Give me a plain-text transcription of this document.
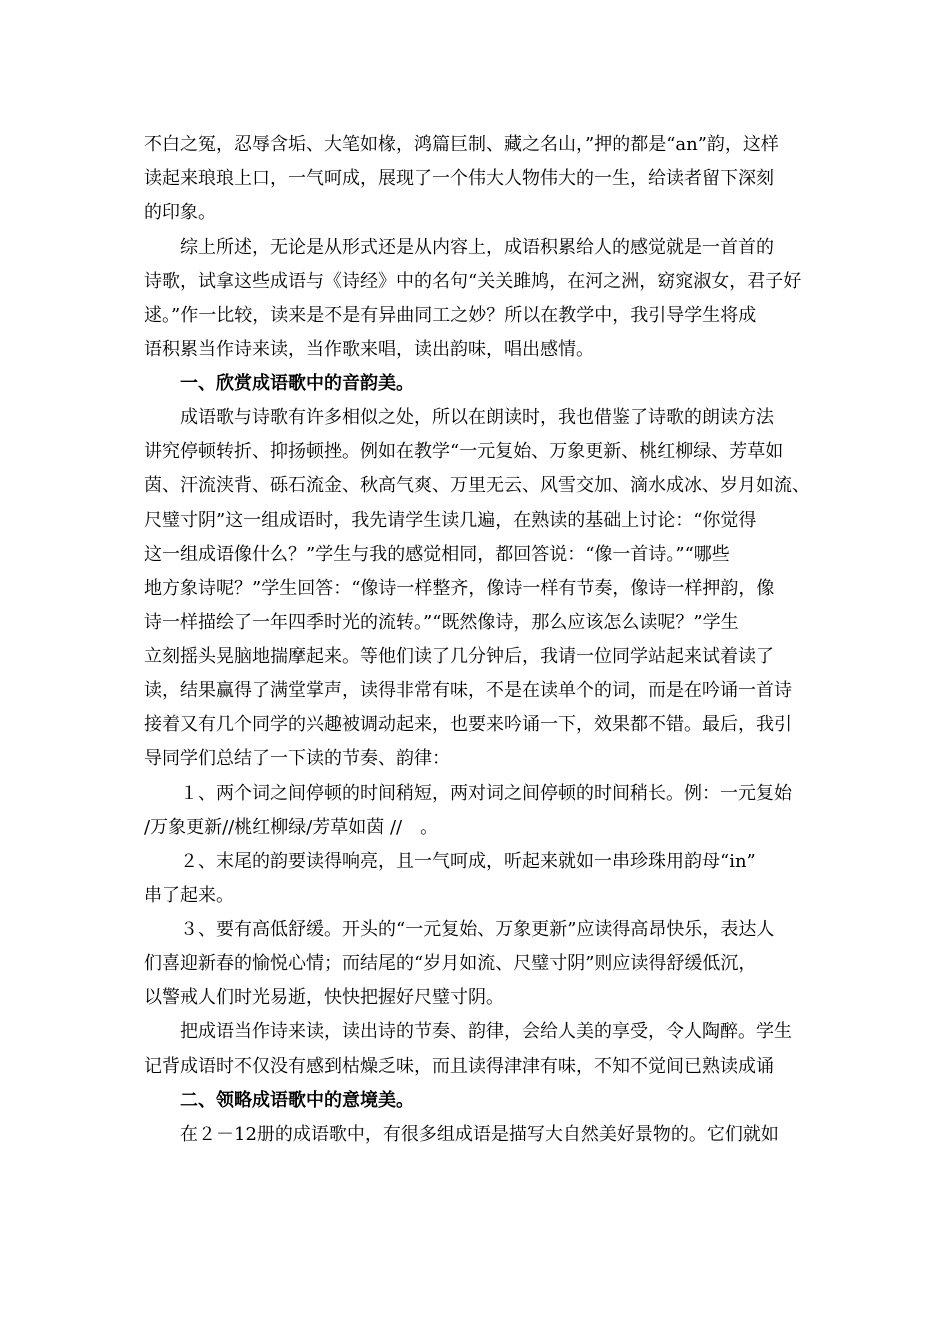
不白之冤，忍辱含垢、大笔如椽，鸿篇巨制、藏之名山，”押的都是“an”韵，这样
读起来琅琅上口，一气呵成，展现了一个伟大人物伟大的一生，给读者留下深刻
的印象。
综上所述，无论是从形式还是从内容上，成语积累给人的感觉就是一首首的
诗歌，试拿这些成语与《诗经》中的名句“关关雎鸠，在河之洲，窈窕淑女，君子好
逑。”作一比较，读来是不是有异曲同工之妙？所以在教学中，我引导学生将成
语积累当作诗来读，当作歌来唱，读出韵味，唱出感情。
一、欣赏成语歌中的音韵美。
成语歌与诗歌有许多相似之处，所以在朗读时，我也借鉴了诗歌的朗读方法
讲究停顿转折、抑扬顿挫。例如在教学“一元复始、万象更新、桃红柳绿、芳草如
茵、汗流浃背、砾石流金、秋高气爽、万里无云、风雪交加、滴水成冰、岁月如流、
尺璧寸阴”这一组成语时，我先请学生读几遍，在熟读的基础上讨论：“你觉得
这一组成语像什么？”学生与我的感觉相同，都回答说：“像一首诗。”“哪些
地方象诗呢？”学生回答：“像诗一样整齐，像诗一样有节奏，像诗一样押韵，像
诗一样描绘了一年四季时光的流转。”“既然像诗，那么应该怎么读呢？”学生
立刻摇头晃脑地揣摩起来。等他们读了几分钟后，我请一位同学站起来试着读了
读，结果赢得了满堂掌声，读得非常有味，不是在读单个的词，而是在吟诵一首诗
接着又有几个同学的兴趣被调动起来，也要来吟诵一下，效果都不错。最后，我引
导同学们总结了一下读的节奏、韵律：
１、两个词之间停顿的时间稍短，两对词之间停顿的时间稍长。例：一元复始
/万象更新//桃红柳绿/芳草如茵 //　。
２、末尾的韵要读得响亮，且一气呵成，听起来就如一串珍珠用韵母“in”
串了起来。
３、要有高低舒缓。开头的“一元复始、万象更新”应读得高昂快乐，表达人
们喜迎新春的愉悦心情；而结尾的“岁月如流、尺璧寸阴”则应读得舒缓低沉，
以警戒人们时光易逝，快快把握好尺璧寸阴。
把成语当作诗来读，读出诗的节奏、韵律，会给人美的享受，令人陶醉。学生
记背成语时不仅没有感到枯燥乏味，而且读得津津有味，不知不觉间已熟读成诵
二、领略成语歌中的意境美。
在２－12册的成语歌中，有很多组成语是描写大自然美好景物的。它们就如
